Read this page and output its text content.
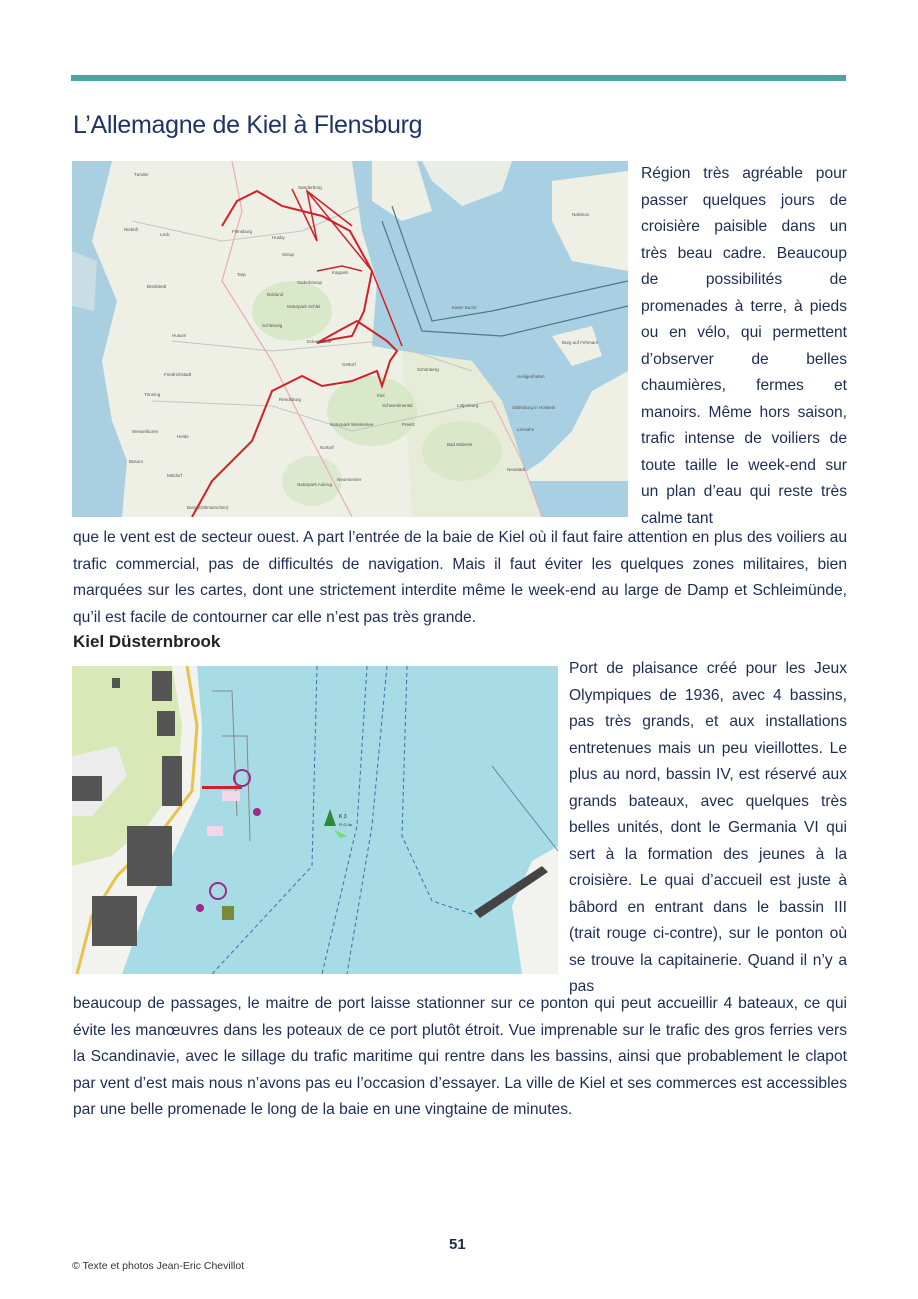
L’Allemagne de Kiel à Flensburg
Tønder
Sønderborg
Niebüll
Leck
Flensburg
Husby
Sörup
Tarp
Bredstedt
Süderbrarup
Kappeln
Boklund
Naturpark Schlei
Schleswig
Husum
Eckernförde
Gettorf
Kieler Bucht
Schönberg
Friedrichstadt
Tönning
Rendsburg
Kiel
Schwentinental	Lütjenburg	Oldenburg in Holstein
Heiligenhafen
Naturpark Westensee	Preetz
Lensahn
Wesselburen
Heide
Nortorf
Bad Malente
Büsum
Meldorf
Neumünster
Naturpark Aukrug
Neustadt
Burg (Dithmarschen)
Burg auf Fehmarn
Nakskov

Région très agréable pour passer quelques jours de croisière paisible dans un très beau cadre. Beaucoup de possibilités de promenades à terre, à pieds ou en vélo, qui permettent d’observer de belles chaumières, fermes et manoirs. Même hors saison, trafic intense de voiliers de toute taille le week-end sur un plan d’eau qui reste très calme tant

que le vent est de secteur ouest. A part l’entrée de la baie de Kiel où il faut faire attention en plus des voiliers au trafic commercial, pas de difficultés de navigation. Mais il faut éviter les quelques zones militaires, bien marquées sur les cartes, dont une strictement interdite même le week-end au large de Damp et Schleimünde, qu’il est facile de contourner car elle n’est pas très grande.

Kiel Düsternbrook
K 3
Fl.G.4s

Port de plaisance créé pour les Jeux Olympiques de 1936, avec 4 bassins, pas très grands, et aux installations entretenues mais un peu vieillottes. Le plus au nord, bassin IV, est réservé aux grands bateaux, avec quelques très belles unités, dont le Germania VI qui sert à la formation des jeunes à la croisière. Le quai d’accueil est juste à bâbord en entrant dans le bassin III (trait rouge ci-contre), sur le ponton où se trouve la capitainerie. Quand il n’y a pas

beaucoup de passages, le maitre de port laisse stationner sur ce ponton qui peut accueillir 4 bateaux, ce qui évite les manœuvres dans les poteaux de ce port plutôt étroit. Vue imprenable sur le trafic des gros ferries vers la Scandinavie, avec le sillage du trafic maritime qui rentre dans les bassins, ainsi que probablement le clapot par vent d’est mais nous n’avons pas eu l’occasion d’essayer. La ville de Kiel et ses commerces est accessibles par une belle promenade le long de la baie en une vingtaine de minutes.

51
© Texte et photos Jean-Eric Chevillot
